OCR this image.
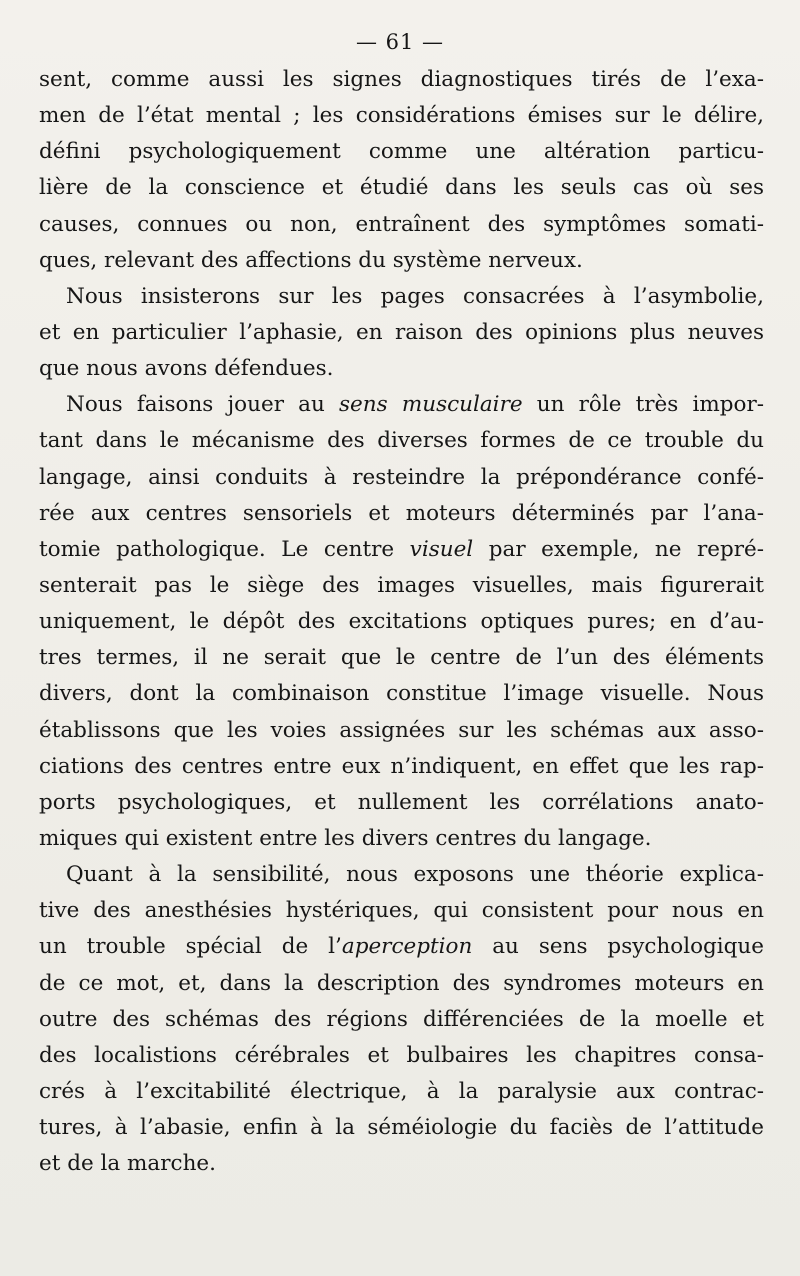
— 61 —
sent, comme aussi les signes diagnostiques tirés de l’exa-
men de l’état mental ; les considérations émises sur le délire,
défini psychologiquement comme une altération particu-
lière de la conscience et étudié dans les seuls cas où ses
causes, connues ou non, entraînent des symptômes somati-
ques, relevant des affections du système nerveux.
Nous insisterons sur les pages consacrées à l’asymbolie,
et en particulier l’aphasie, en raison des opinions plus neuves
que nous avons défendues.
Nous faisons jouer au sens musculaire un rôle très impor-
tant dans le mécanisme des diverses formes de ce trouble du
langage, ainsi conduits à resteindre la prépondérance confé-
rée aux centres sensoriels et moteurs déterminés par l’ana-
tomie pathologique. Le centre visuel par exemple, ne repré-
senterait pas le siège des images visuelles, mais figurerait
uniquement, le dépôt des excitations optiques pures; en d’au-
tres termes, il ne serait que le centre de l’un des éléments
divers, dont la combinaison constitue l’image visuelle. Nous
établissons que les voies assignées sur les schémas aux asso-
ciations des centres entre eux n’indiquent, en effet que les rap-
ports psychologiques, et nullement les corrélations anato-
miques qui existent entre les divers centres du langage.
Quant à la sensibilité, nous exposons une théorie explica-
tive des anesthésies hystériques, qui consistent pour nous en
un trouble spécial de l’aperception au sens psychologique
de ce mot, et, dans la description des syndromes moteurs en
outre des schémas des régions différenciées de la moelle et
des localistions cérébrales et bulbaires les chapitres consa-
crés à l’excitabilité électrique, à la paralysie aux contrac-
tures, à l’abasie, enfin à la séméiologie du faciès de l’attitude
et de la marche.
